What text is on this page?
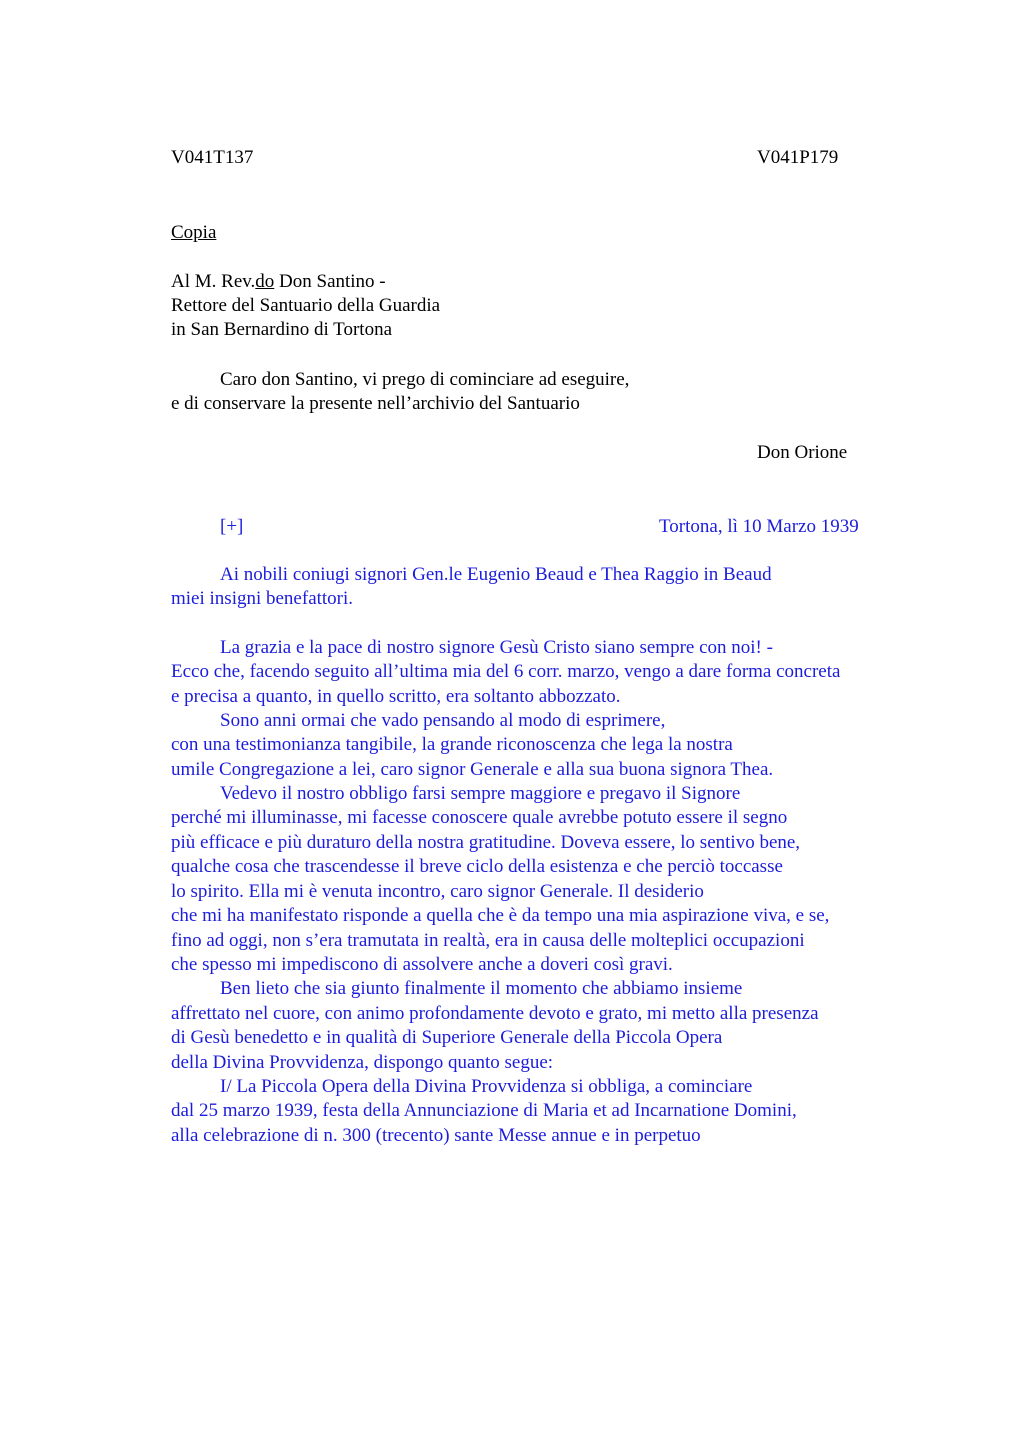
V041T137	V041P179
Copia
Al M. Rev.do Don Santino -
Rettore del Santuario della Guardia
in San Bernardino di Tortona
Caro don Santino, vi prego di cominciare ad eseguire,
e di conservare la presente nell’archivio del Santuario
Don Orione
[+]	Tortona, lì 10 Marzo 1939
Ai nobili coniugi signori Gen.le Eugenio Beaud e Thea Raggio in Beaud
miei insigni benefattori.
La grazia e la pace di nostro signore Gesù Cristo siano sempre con noi! -
Ecco che, facendo seguito all’ultima mia del 6 corr. marzo, vengo a dare forma concreta
e precisa a quanto, in quello scritto, era soltanto abbozzato.
Sono anni ormai che vado pensando al modo di esprimere,
con una testimonianza tangibile, la grande riconoscenza che lega la nostra
umile Congregazione a lei, caro signor Generale e alla sua buona signora Thea.
Vedevo il nostro obbligo farsi sempre maggiore e pregavo il Signore
perché mi illuminasse, mi facesse conoscere quale avrebbe potuto essere il segno
più efficace e più duraturo della nostra gratitudine. Doveva essere, lo sentivo bene,
qualche cosa che trascendesse il breve ciclo della esistenza e che perciò toccasse
lo spirito. Ella mi è venuta incontro, caro signor Generale. Il desiderio
che mi ha manifestato risponde a quella che è da tempo una mia aspirazione viva, e se,
fino ad oggi, non s’era tramutata in realtà, era in causa delle molteplici occupazioni
che spesso mi impediscono di assolvere anche a doveri così gravi.
Ben lieto che sia giunto finalmente il momento che abbiamo insieme
affrettato nel cuore, con animo profondamente devoto e grato, mi metto alla presenza
di Gesù benedetto e in qualità di Superiore Generale della Piccola Opera
della Divina Provvidenza, dispongo quanto segue:
I/ La Piccola Opera della Divina Provvidenza si obbliga, a cominciare
dal 25 marzo 1939, festa della Annunciazione di Maria et ad Incarnatione Domini,
alla celebrazione di n. 300 (trecento) sante Messe annue e in perpetuo
